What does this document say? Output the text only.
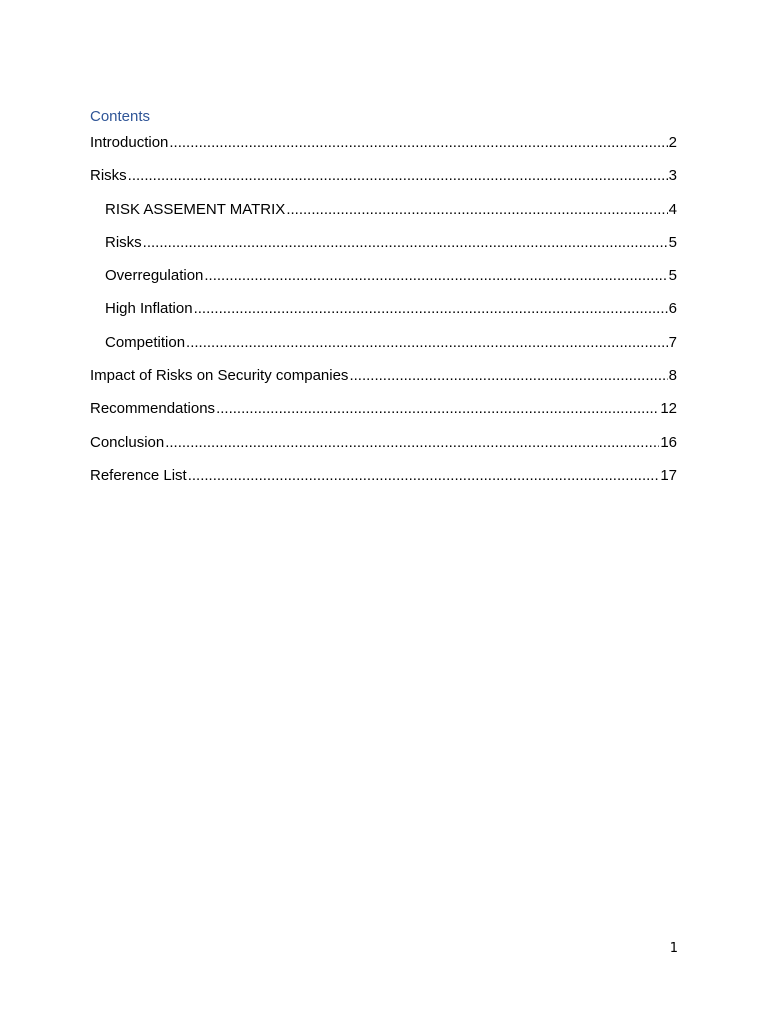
Contents
Introduction .....	2
Risks .....	3
RISK ASSEMENT MATRIX .....	4
Risks .....	5
Overregulation .....	5
High Inflation .....	6
Competition .....	7
Impact of Risks on Security companies .....	8
Recommendations .....	12
Conclusion .....	16
Reference List .....	17
1
